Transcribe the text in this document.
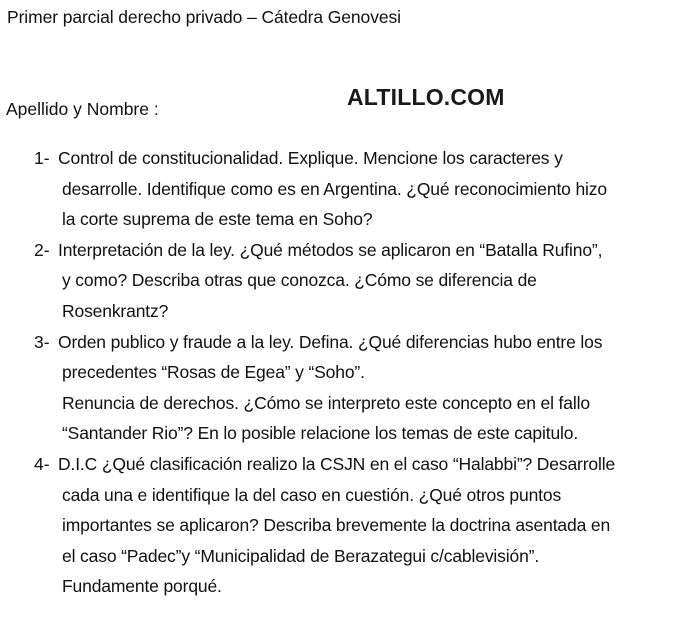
Primer parcial derecho privado – Cátedra Genovesi
Apellido y Nombre :	ALTILLO.COM
1- Control de constitucionalidad. Explique. Mencione los caracteres y
desarrolle. Identifique como es en Argentina. ¿Qué reconocimiento hizo
la corte suprema de este tema en Soho?
2- Interpretación de la ley. ¿Qué métodos se aplicaron en “Batalla Rufino”,
y como? Describa otras que conozca. ¿Cómo se diferencia de
Rosenkrantz?
3- Orden publico y fraude a la ley. Defina. ¿Qué diferencias hubo entre los
precedentes “Rosas de Egea” y “Soho”.
Renuncia de derechos. ¿Cómo se interpreto este concepto en el fallo
“Santander Rio”? En lo posible relacione los temas de este capitulo.
4- D.I.C ¿Qué clasificación realizo la CSJN en el caso “Halabbi”? Desarrolle
cada una e identifique la del caso en cuestión. ¿Qué otros puntos
importantes se aplicaron? Describa brevemente la doctrina asentada en
el caso “Padec”y “Municipalidad de Berazategui c/cablevisión”.
Fundamente porqué.
